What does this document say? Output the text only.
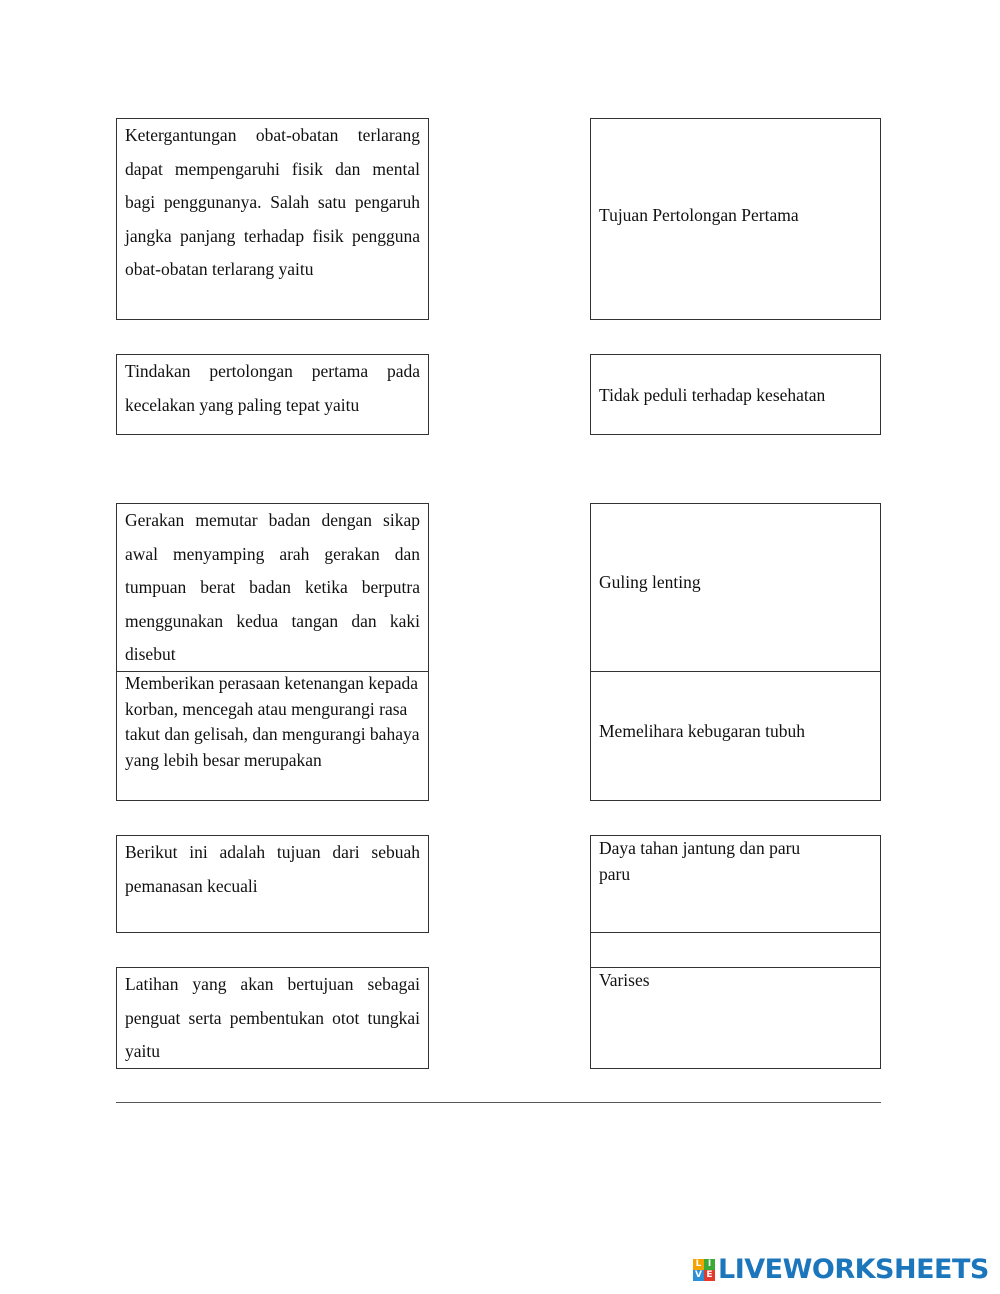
Ketergantungan obat-obatan terlarang dapat mempengaruhi fisik dan mental bagi penggunanya. Salah satu pengaruh jangka panjang terhadap fisik pengguna obat-obatan terlarang yaitu
Tindakan pertolongan pertama pada kecelakan yang paling tepat yaitu
Gerakan memutar badan dengan sikap awal menyamping arah gerakan dan tumpuan berat badan ketika berputra menggunakan kedua tangan dan kaki disebut
Memberikan perasaan ketenangan kepada korban, mencegah atau mengurangi rasa takut dan gelisah, dan mengurangi bahaya yang lebih besar merupakan
Berikut ini adalah tujuan dari sebuah pemanasan kecuali
Latihan yang akan bertujuan sebagai penguat serta pembentukan otot tungkai yaitu
Tujuan Pertolongan Pertama
Tidak peduli terhadap kesehatan
Guling lenting
Memelihara kebugaran tubuh
Daya tahan jantung dan paru paru
Varises
L I
V E LIVEWORKSHEETS
